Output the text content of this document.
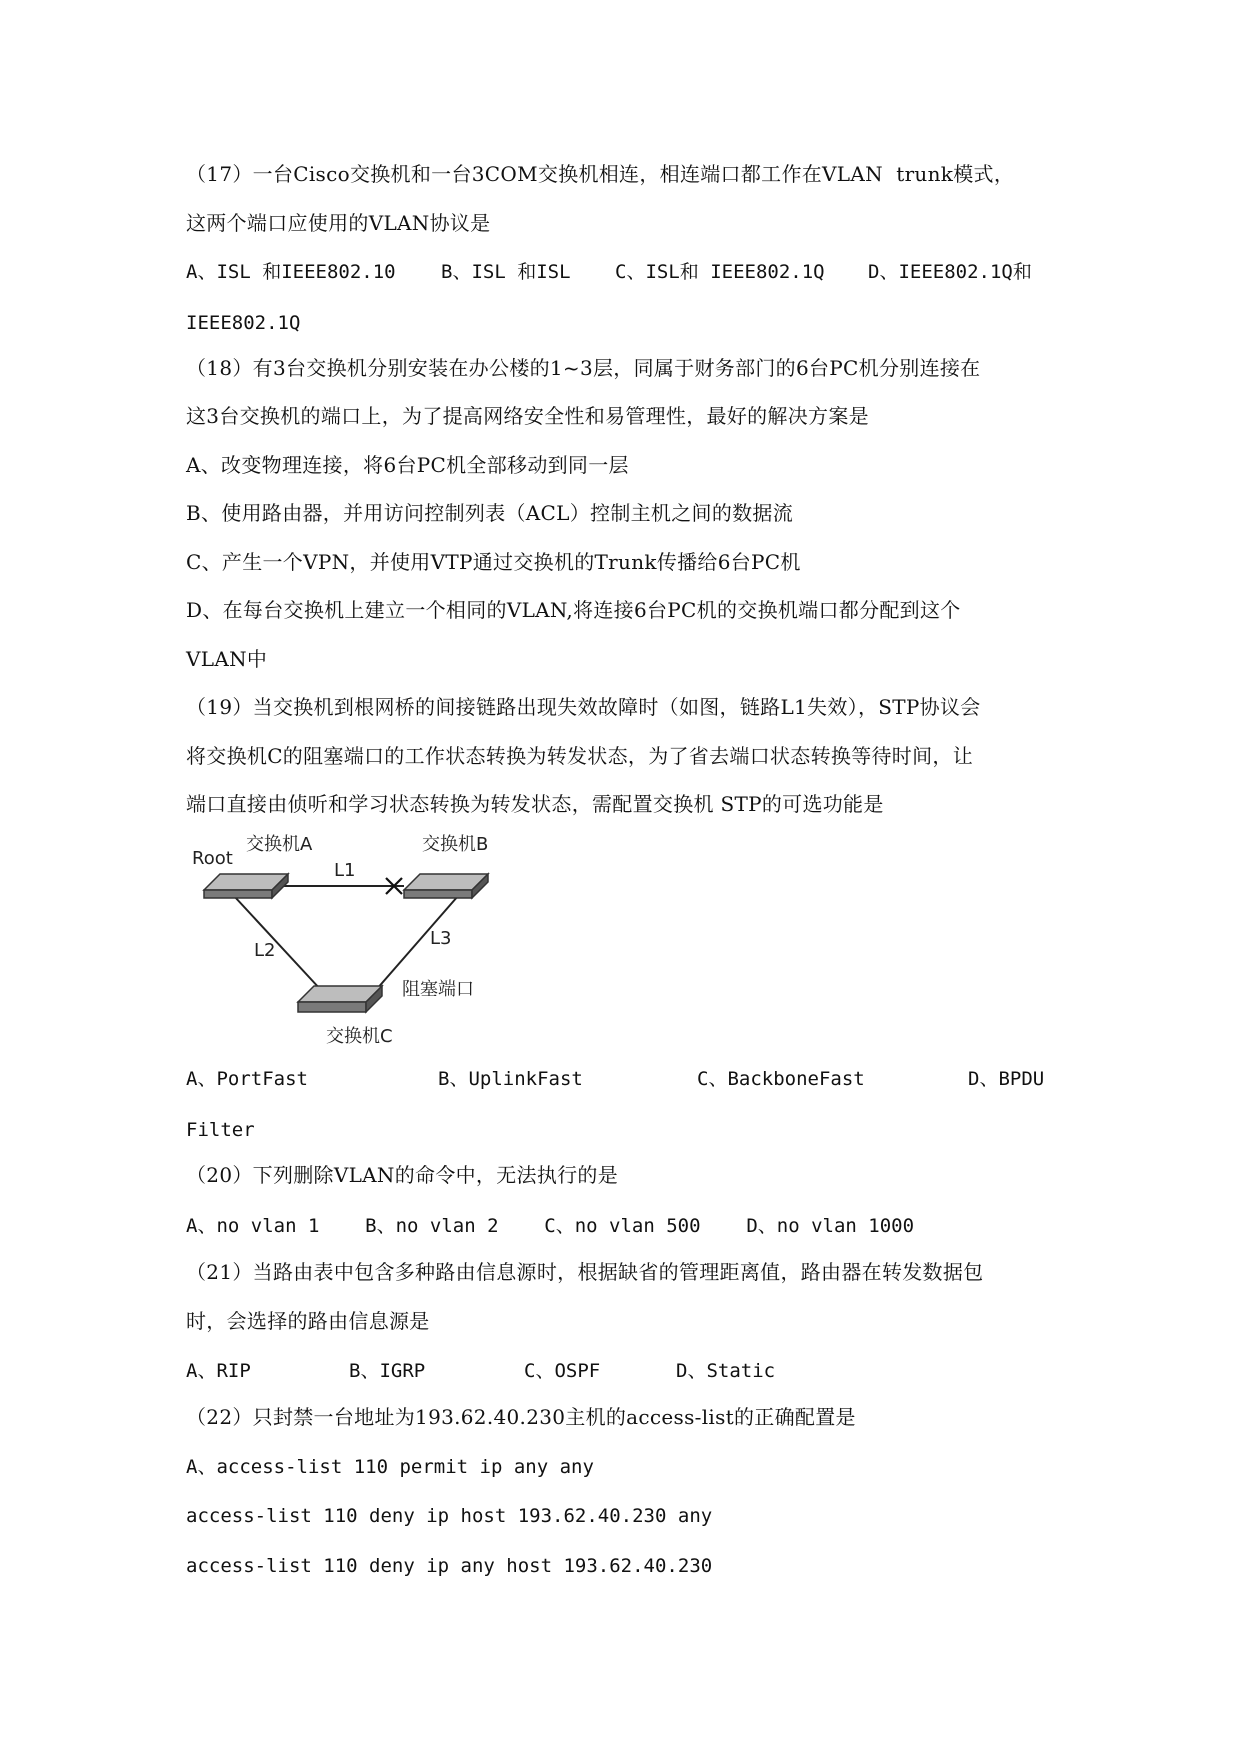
（17）一台Cisco交换机和一台3COM交换机相连，相连端口都工作在VLAN  trunk模式，
这两个端口应使用的VLAN协议是
A、ISL 和IEEE802.10 B、ISL 和ISL C、ISL和 IEEE802.1Q D、IEEE802.1Q和
IEEE802.1Q
（18）有3台交换机分别安装在办公楼的1~3层，同属于财务部门的6台PC机分别连接在
这3台交换机的端口上，为了提高网络安全性和易管理性，最好的解决方案是
A、改变物理连接，将6台PC机全部移动到同一层
B、使用路由器，并用访问控制列表（ACL）控制主机之间的数据流
C、产生一个VPN，并使用VTP通过交换机的Trunk传播给6台PC机
D、在每台交换机上建立一个相同的VLAN,将连接6台PC机的交换机端口都分配到这个
VLAN中
（19）当交换机到根网桥的间接链路出现失效故障时（如图，链路L1失效），STP协议会
将交换机C的阻塞端口的工作状态转换为转发状态，为了省去端口状态转换等待时间，让
端口直接由侦听和学习状态转换为转发状态，需配置交换机 STP的可选功能是
Root
交换机A	交换机B
L1
L2
L3
阻塞端口
交换机C
A、PortFast	B、UplinkFast	C、BackboneFast	D、BPDU
Filter
（20）下列删除VLAN的命令中，无法执行的是
A、no vlan 1    B、no vlan 2    C、no vlan 500    D、no vlan 1000
（21）当路由表中包含多种路由信息源时，根据缺省的管理距离值，路由器在转发数据包
时，会选择的路由信息源是
A、RIP	B、IGRP	C、OSPF	D、Static
（22）只封禁一台地址为193.62.40.230主机的access-list的正确配置是
A、access-list 110 permit ip any any
access-list 110 deny ip host 193.62.40.230 any
access-list 110 deny ip any host 193.62.40.230
